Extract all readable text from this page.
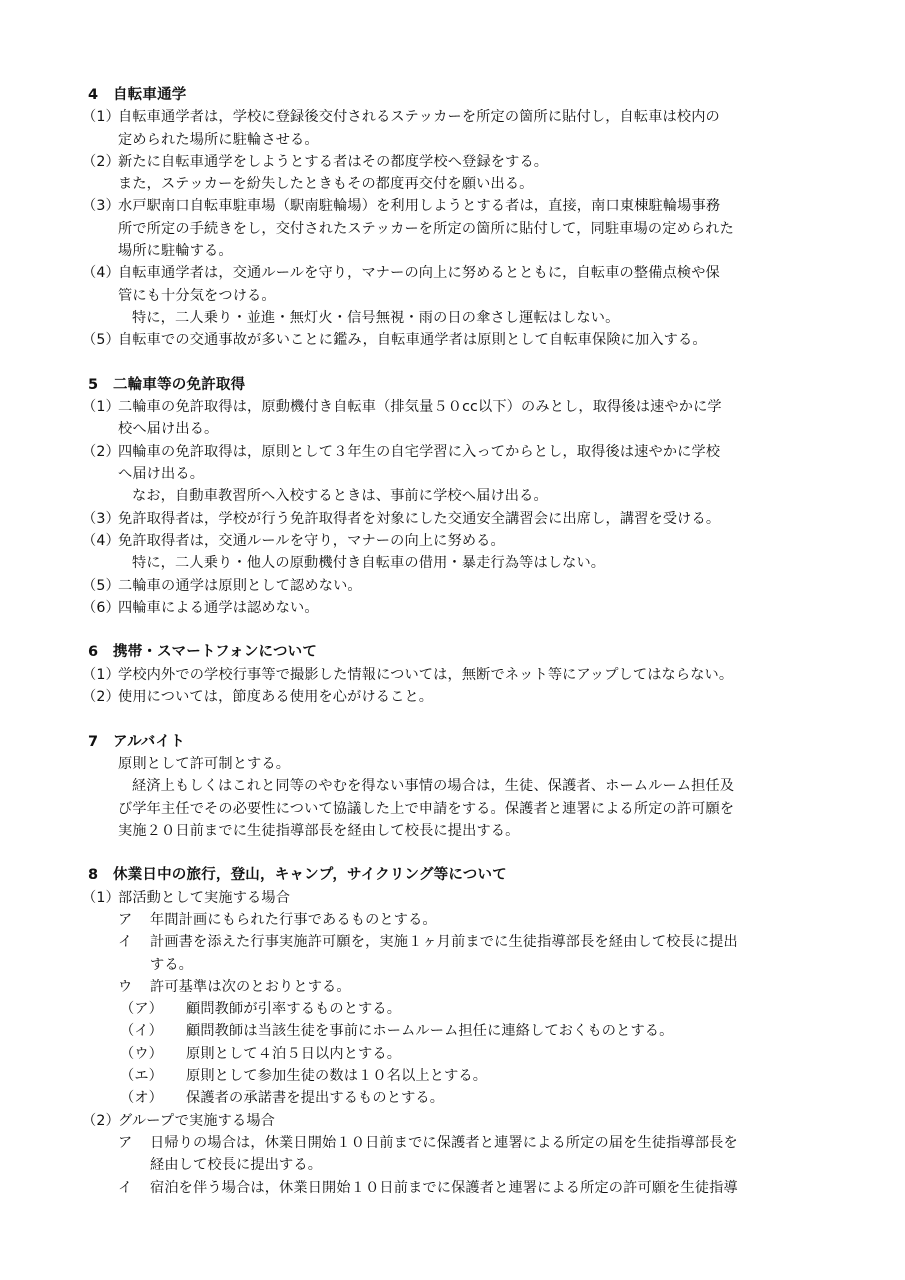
4　自転車通学
（1）
自転車通学者は，学校に登録後交付されるステッカーを所定の箇所に貼付し，自転車は校内の
定められた場所に駐輪させる。
（2）
新たに自転車通学をしようとする者はその都度学校へ登録をする。
また，ステッカーを紛失したときもその都度再交付を願い出る。
（3）
水戸駅南口自転車駐車場（駅南駐輪場）を利用しようとする者は，直接，南口東棟駐輪場事務
所で所定の手続きをし，交付されたステッカーを所定の箇所に貼付して，同駐車場の定められた
場所に駐輪する。
（4）
自転車通学者は，交通ルールを守り，マナーの向上に努めるとともに，自転車の整備点検や保
管にも十分気をつける。
特に，二人乗り・並進・無灯火・信号無視・雨の日の傘さし運転はしない。
（5）
自転車での交通事故が多いことに鑑み，自転車通学者は原則として自転車保険に加入する。
5　二輪車等の免許取得
（1）
二輪車の免許取得は，原動機付き自転車（排気量５０cc以下）のみとし，取得後は速やかに学
校へ届け出る。
（2）
四輪車の免許取得は，原則として３年生の自宅学習に入ってからとし，取得後は速やかに学校
へ届け出る。
なお，自動車教習所へ入校するときは、事前に学校へ届け出る。
（3）
免許取得者は，学校が行う免許取得者を対象にした交通安全講習会に出席し，講習を受ける。
（4）
免許取得者は，交通ルールを守り，マナーの向上に努める。
特に，二人乗り・他人の原動機付き自転車の借用・暴走行為等はしない。
（5）
二輪車の通学は原則として認めない。
（6）
四輪車による通学は認めない。
6　携帯・スマートフォンについて
（1）
学校内外での学校行事等で撮影した情報については，無断でネット等にアップしてはならない。
（2）
使用については，節度ある使用を心がけること。
7　アルバイト
原則として許可制とする。
経済上もしくはこれと同等のやむを得ない事情の場合は，生徒、保護者、ホームルーム担任及
び学年主任でその必要性について協議した上で申請をする。保護者と連署による所定の許可願を
実施２０日前までに生徒指導部長を経由して校長に提出する。
8　休業日中の旅行，登山，キャンプ，サイクリング等について
（1）
部活動として実施する場合
ア 年間計画にもられた行事であるものとする。
イ 計画書を添えた行事実施許可願を，実施１ヶ月前までに生徒指導部長を経由して校長に提出
する。
ウ 許可基準は次のとおりとする。
（ア） 顧問教師が引率するものとする。
（イ） 顧問教師は当該生徒を事前にホームルーム担任に連絡しておくものとする。
（ウ） 原則として４泊５日以内とする。
（エ） 原則として参加生徒の数は１０名以上とする。
（オ） 保護者の承諾書を提出するものとする。
（2）
グループで実施する場合
ア 日帰りの場合は，休業日開始１０日前までに保護者と連署による所定の届を生徒指導部長を
経由して校長に提出する。
イ 宿泊を伴う場合は，休業日開始１０日前までに保護者と連署による所定の許可願を生徒指導
